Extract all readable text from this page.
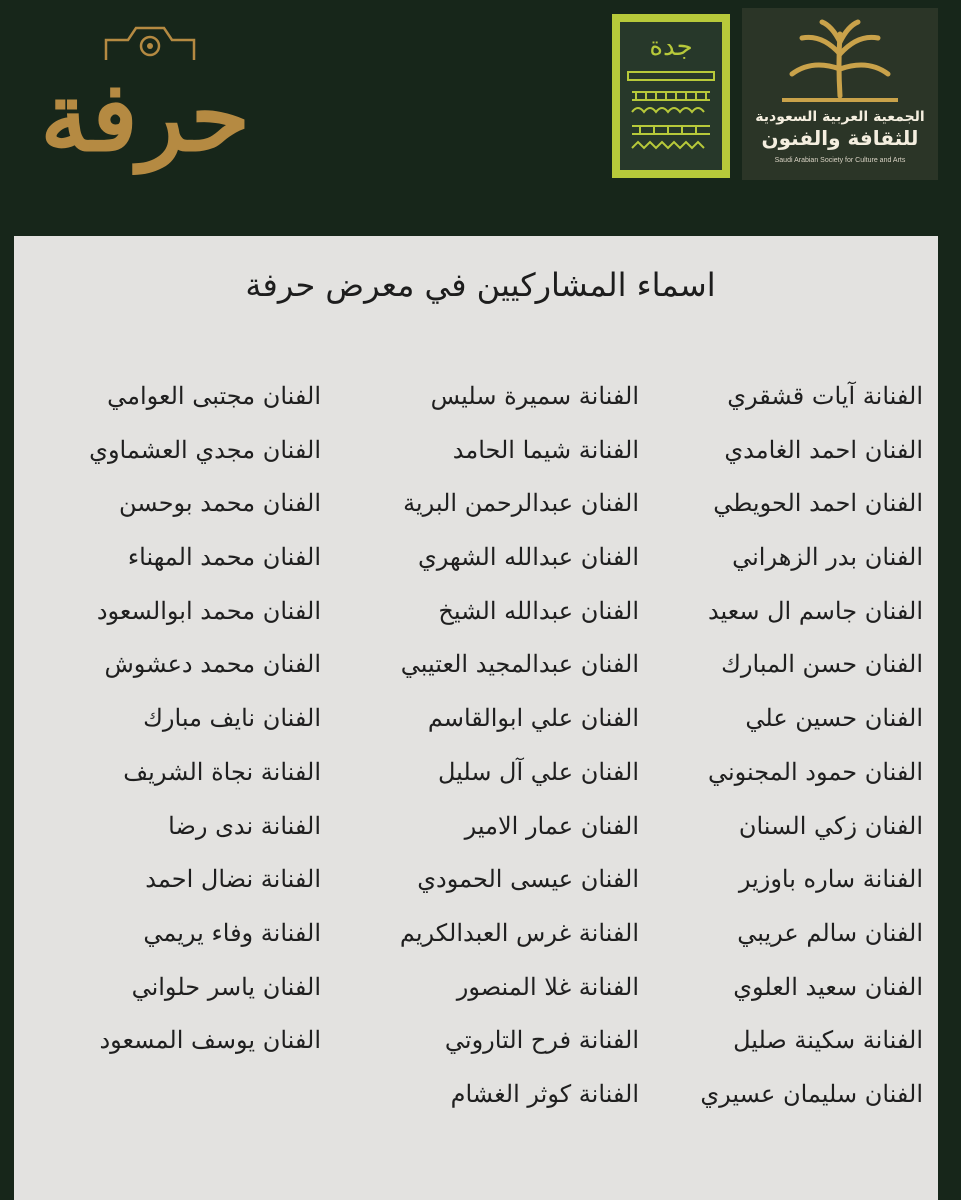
حرفة
جدة
الجمعية العربية السعودية
للثقافة والفنون
Saudi Arabian Society for Culture and Arts
اسماء المشاركيين في معرض حرفة
الفنانة آيات قشقري
الفنان احمد الغامدي
الفنان احمد الحويطي
الفنان بدر الزهراني
الفنان جاسم ال سعيد
الفنان حسن المبارك
الفنان حسين علي
الفنان حمود المجنوني
الفنان زكي السنان
الفنانة ساره باوزير
الفنان سالم عريبي
الفنان سعيد العلوي
الفنانة سكينة صليل
الفنان سليمان عسيري
الفنانة سميرة سليس
الفنانة شيما الحامد
الفنان عبدالرحمن البرية
الفنان عبدالله الشهري
الفنان عبدالله الشيخ
الفنان عبدالمجيد العتيبي
الفنان علي ابوالقاسم
الفنان علي آل سليل
الفنان عمار الامير
الفنان عيسى الحمودي
الفنانة غرس العبدالكريم
الفنانة غلا المنصور
الفنانة فرح التاروتي
الفنانة كوثر الغشام
الفنان مجتبى العوامي
الفنان مجدي العشماوي
الفنان محمد بوحسن
الفنان محمد المهناء
الفنان محمد ابوالسعود
الفنان محمد دعشوش
الفنان نايف مبارك
الفنانة نجاة الشريف
الفنانة ندى رضا
الفنانة نضال احمد
الفنانة وفاء يريمي
الفنان ياسر حلواني
الفنان يوسف المسعود
